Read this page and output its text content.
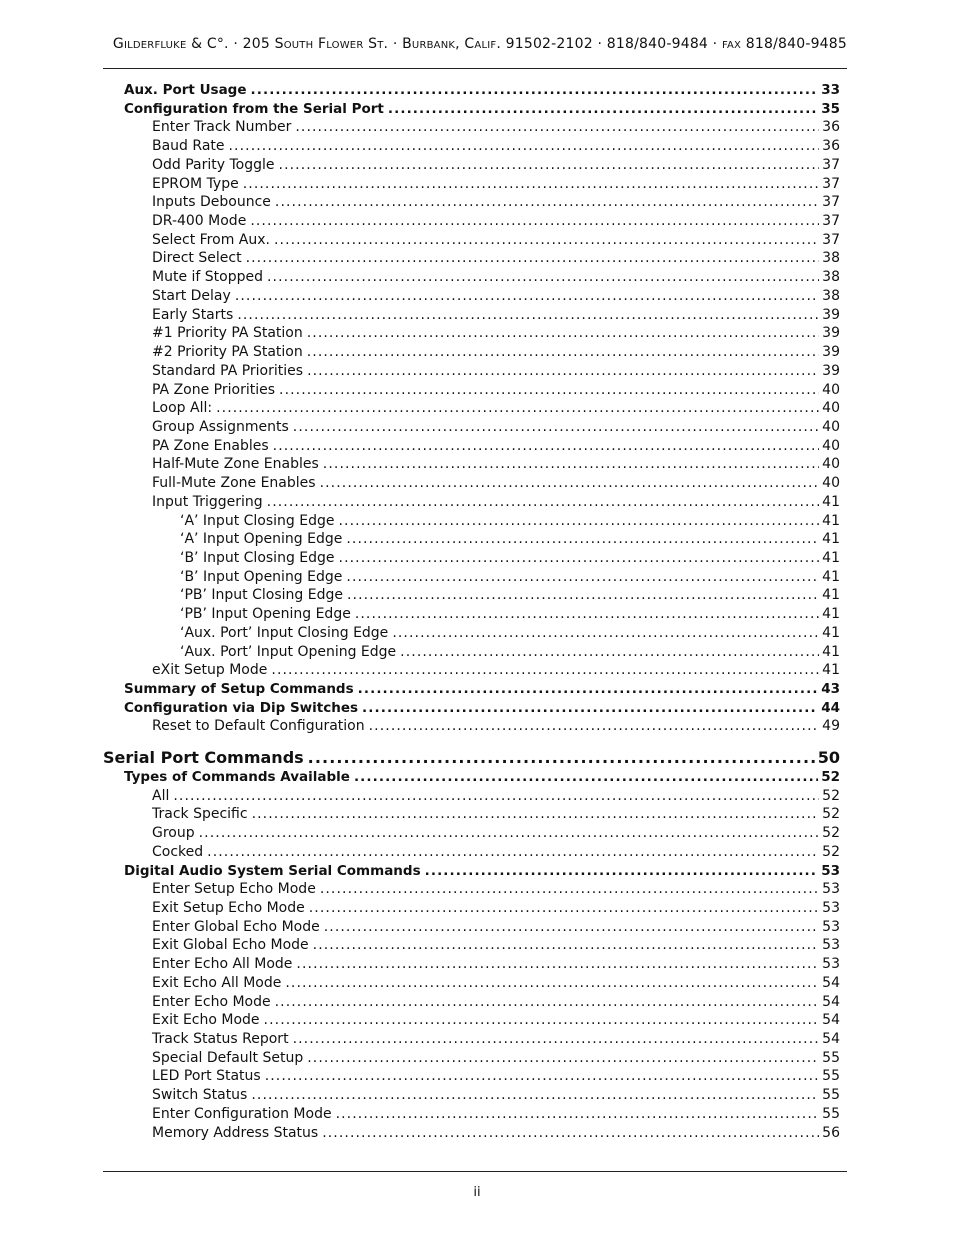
Gilderfluke & C°. · 205 South Flower St. · Burbank, Calif. 91502-2102 · 818/840-9484 · fax 818/840-9485
Aux. Port Usage .....	33
Configuration from the Serial Port .....	35
Enter Track Number .....	36
Baud Rate .....	36
Odd Parity Toggle .....	37
EPROM Type .....	37
Inputs Debounce .....	37
DR-400 Mode .....	37
Select From Aux. .....	37
Direct Select .....	38
Mute if Stopped .....	38
Start Delay .....	38
Early Starts .....	39
#1 Priority PA Station .....	39
#2 Priority PA Station .....	39
Standard PA Priorities .....	39
PA Zone Priorities .....	40
Loop All: .....	40
Group Assignments .....	40
PA Zone Enables .....	40
Half-Mute Zone Enables .....	40
Full-Mute Zone Enables .....	40
Input Triggering .....	41
‘A’ Input Closing Edge .....	41
‘A’ Input Opening Edge .....	41
‘B’ Input Closing Edge .....	41
‘B’ Input Opening Edge .....	41
‘PB’ Input Closing Edge .....	41
‘PB’ Input Opening Edge .....	41
‘Aux. Port’ Input Closing Edge .....	41
‘Aux. Port’ Input Opening Edge .....	41
eXit Setup Mode .....	41
Summary of Setup Commands .....	43
Configuration via Dip Switches .....	44
Reset to Default Configuration .....	49
Serial Port Commands .....	50
Types of Commands Available .....	52
All .....	52
Track Specific .....	52
Group .....	52
Cocked .....	52
Digital Audio System Serial Commands .....	53
Enter Setup Echo Mode .....	53
Exit Setup Echo Mode .....	53
Enter Global Echo Mode .....	53
Exit Global Echo Mode .....	53
Enter Echo All Mode .....	53
Exit Echo All Mode .....	54
Enter Echo Mode .....	54
Exit Echo Mode .....	54
Track Status Report .....	54
Special Default Setup .....	55
LED Port Status .....	55
Switch Status .....	55
Enter Configuration Mode .....	55
Memory Address Status .....	56
ii
